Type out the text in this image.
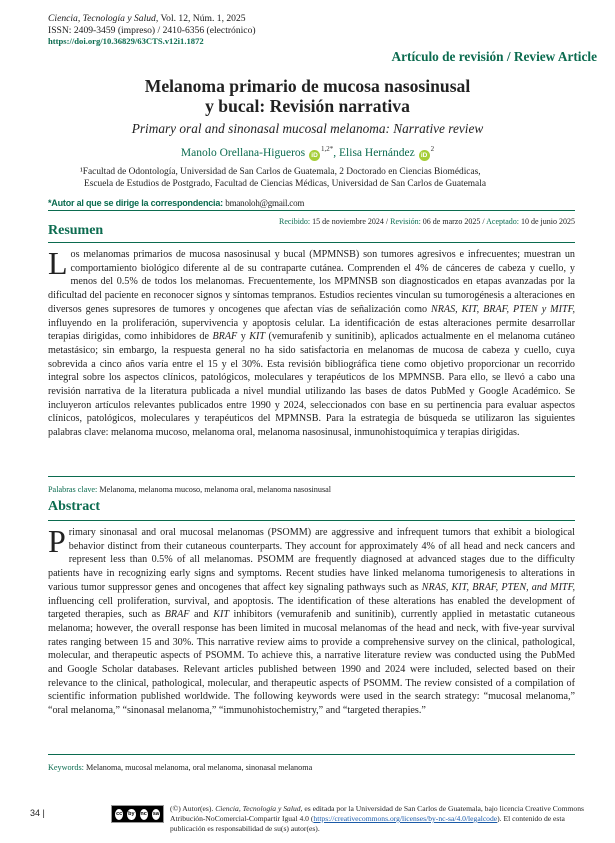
Ciencia, Tecnología y Salud, Vol. 12, Núm. 1, 2025
ISSN: 2409-3459 (impreso) / 2410-6356 (electrónico)
https://doi.org/10.36829/63CTS.v12i1.1872
Artículo de revisión / Review Article
Melanoma primario de mucosa nasosinusal
y bucal: Revisión narrativa
Primary oral and sinonasal mucosal melanoma: Narrative review
Manolo Orellana-Higueros $iD^{1,2*}$, Elisa Hernández $iD^2$
¹Facultad de Odontología, Universidad de San Carlos de Guatemala, 2 Doctorado en Ciencias Biomédicas,
Escuela de Estudios de Postgrado, Facultad de Ciencias Médicas, Universidad de San Carlos de Guatemala
*Autor al que se dirige la correspondencia: bmanoloh@gmail.com
Recibido: 15 de noviembre 2024 / Revisión: 06 de marzo 2025 / Aceptado: 10 de junio 2025
Resumen
Los melanomas primarios de mucosa nasosinusal y bucal (MPMNSB) son tumores agresivos e infrecuentes; muestran un comportamiento biológico diferente al de su contraparte cutánea. Comprenden el 4% de cánceres de cabeza y cuello, y menos del 0.5% de todos los melanomas. Frecuentemente, los MPMNSB son diagnosticados en etapas avanzadas por la dificultad del paciente en reconocer signos y síntomas tempranos. Estudios recientes vinculan su tumorogénesis a alteraciones en diversos genes supresores de tumores y oncogenes que afectan vías de señalización como NRAS, KIT, BRAF, PTEN y MITF, influyendo en la proliferación, supervivencia y apoptosis celular. La identificación de estas alteraciones permite desarrollar terapias dirigidas, como inhibidores de BRAF y KIT (vemurafenib y sunitinib), aplicados actualmente en el melanoma cutáneo metastásico; sin embargo, la respuesta general no ha sido satisfactoria en melanomas de mucosa de cabeza y cuello, cuya sobrevida a cinco años varía entre el 15 y el 30%. Esta revisión bibliográfica tiene como objetivo proporcionar un recorrido integral sobre los aspectos clínicos, patológicos, moleculares y terapéuticos de los MPMNSB. Para ello, se llevó a cabo una revisión narrativa de la literatura publicada a nivel mundial utilizando las bases de datos PubMed y Google Académico. Se incluyeron artículos relevantes publicados entre 1990 y 2024, seleccionados con base en su pertinencia para evaluar aspectos clínicos, patológicos, moleculares y terapéuticos del MPMNSB. Para la estrategia de búsqueda se utilizaron las siguientes palabras clave: melanoma mucoso, melanoma oral, melanoma nasosinusal, inmunohistoquímica y terapias dirigidas.
Palabras clave: Melanoma, melanoma mucoso, melanoma oral, melanoma nasosinusal
Abstract
Primary sinonasal and oral mucosal melanomas (PSOMM) are aggressive and infrequent tumors that exhibit a biological behavior distinct from their cutaneous counterparts. They account for approximately 4% of all head and neck cancers and represent less than 0.5% of all melanomas. PSOMM are frequently diagnosed at advanced stages due to the difficulty patients have in recognizing early signs and symptoms. Recent studies have linked melanoma tumorigenesis to alterations in various tumor suppressor genes and oncogenes that affect key signaling pathways such as NRAS, KIT, BRAF, PTEN, and MITF, influencing cell proliferation, survival, and apoptosis. The identification of these alterations has enabled the development of targeted therapies, such as BRAF and KIT inhibitors (vemurafenib and sunitinib), currently applied in metastatic cutaneous melanoma; however, the overall response has been limited in mucosal melanomas of the head and neck, with five-year survival rates ranging between 15 and 30%. This narrative review aims to provide a comprehensive survey on the clinical, pathological, molecular, and therapeutic aspects of PSOMM. To achieve this, a narrative literature review was conducted using the PubMed and Google Scholar databases. Relevant articles published between 1990 and 2024 were included, selected based on their relevance to the clinical, pathological, molecular, and therapeutic aspects of PSOMM. The review consisted of a compilation of scientific information published worldwide. The following keywords were used in the search strategy: “mucosal melanoma,” “oral melanoma,” “sinonasal melanoma,” “immunohistochemistry,” and “targeted therapies.”
Keywords: Melanoma, mucosal melanoma, oral melanoma, sinonasal melanoma
34 |	cc	by	nc	sa
(©) Autor(es). Ciencia, Tecnología y Salud, es editada por la Universidad de San Carlos de Guatemala, bajo licencia Creative Commons Atribución-NoComercial-Compartir Igual 4.0 (https://creativecommons.org/licenses/by-nc-sa/4.0/legalcode). El contenido de esta publicación es responsabilidad de su(s) autor(es).
